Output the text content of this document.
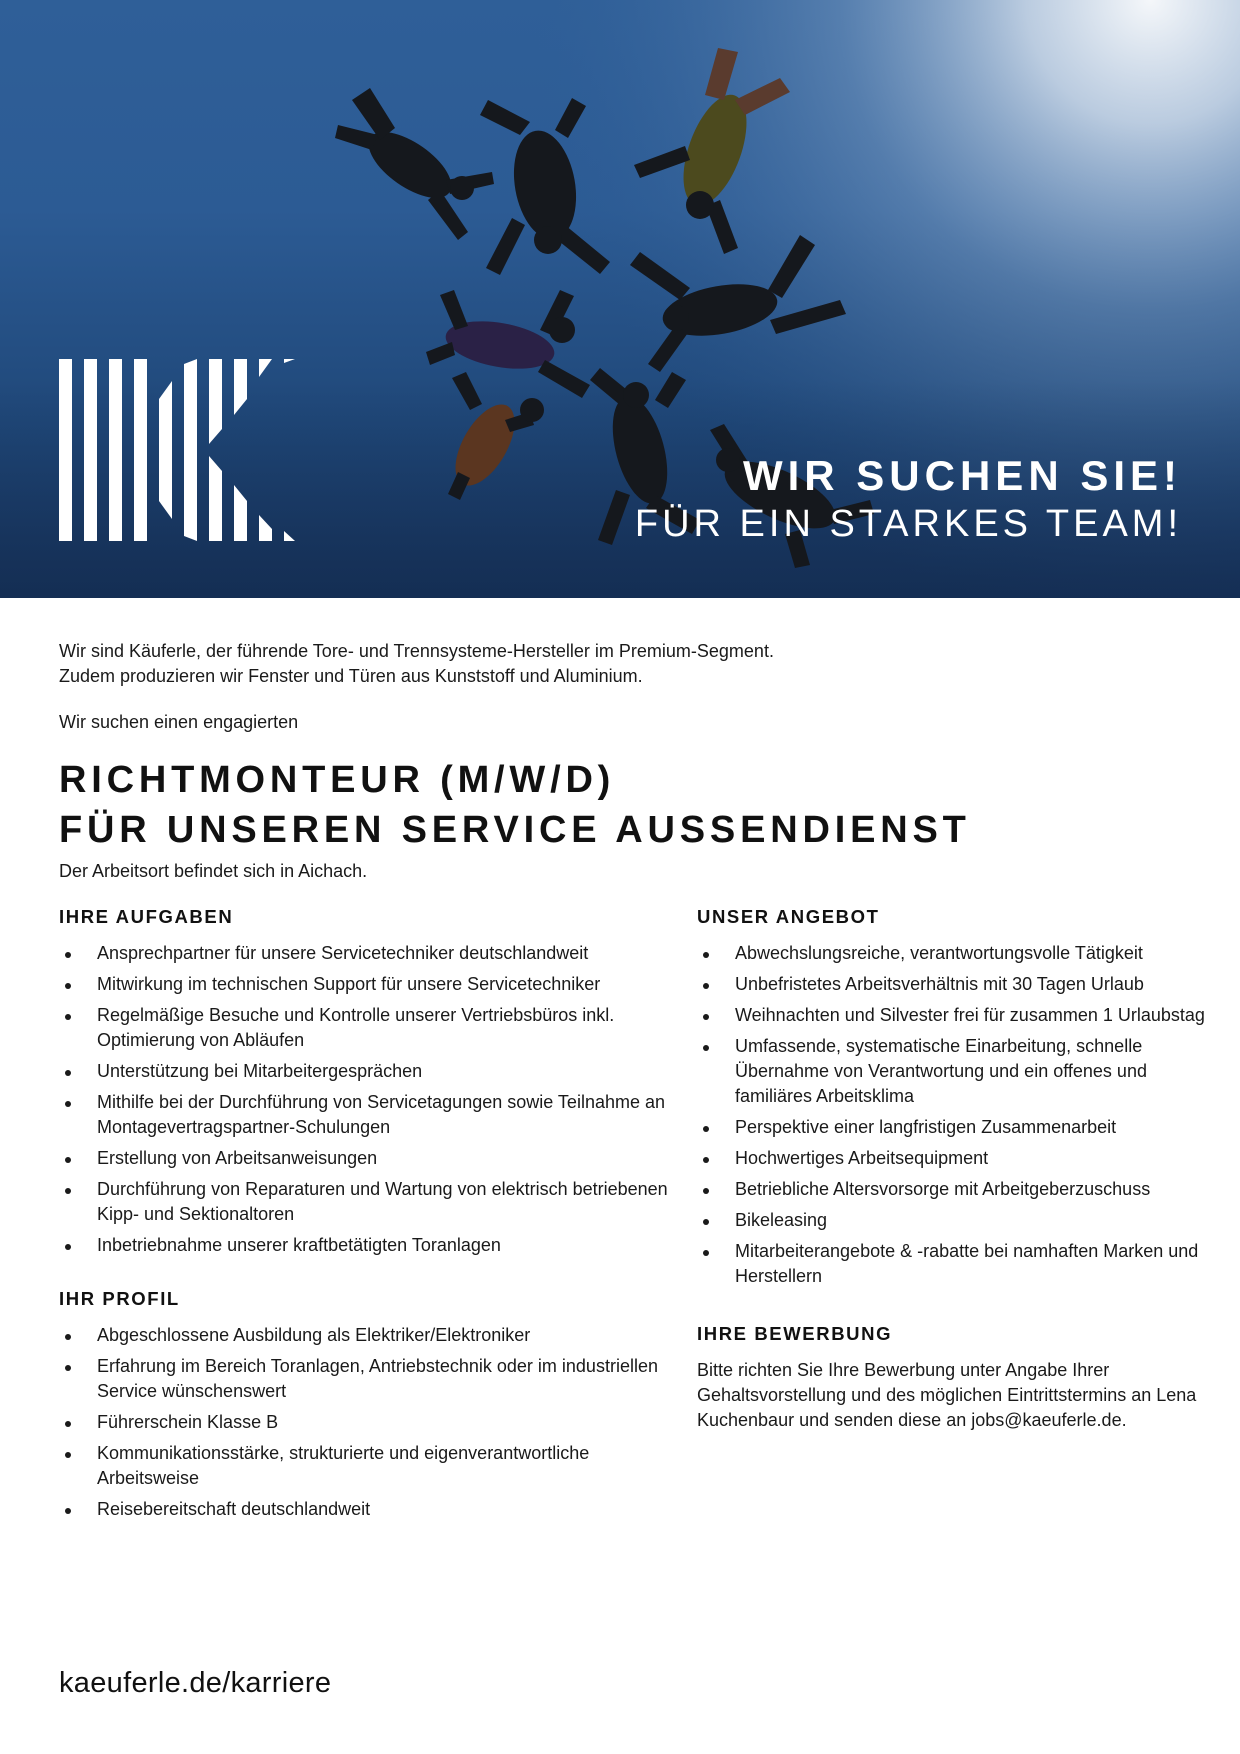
WIR SUCHEN SIE!

FÜR EIN STARKES TEAM!

Wir sind Käuferle, der führende Tore- und Trennsysteme-Hersteller im Premium-Segment.

Zudem produzieren wir Fenster und Türen aus Kunststoff und Aluminium.

Wir suchen einen engagierten

RICHTMONTEUR (M/W/D)
FÜR UNSEREN SERVICE AUSSENDIENST

Der Arbeitsort befindet sich in Aichach.

IHRE AUFGABEN
Ansprechpartner für unsere Servicetechniker deutschlandweit
Mitwirkung im technischen Support für unsere Servicetechniker
Regelmäßige Besuche und Kontrolle unserer Vertriebsbüros inkl. Optimierung von Abläufen
Unterstützung bei Mitarbeitergesprächen
Mithilfe bei der Durchführung von Servicetagungen sowie Teilnahme an Montagevertragspartner-Schulungen
Erstellung von Arbeitsanweisungen
Durchführung von Reparaturen und Wartung von elektrisch betriebenen Kipp- und Sektionaltoren
Inbetriebnahme unserer kraftbetätigten Toranlagen
IHR PROFIL
Abgeschlossene Ausbildung als Elektriker/Elektroniker
Erfahrung im Bereich Toranlagen, Antriebstechnik oder im industriellen Service wünschenswert
Führerschein Klasse B
Kommunikationsstärke, strukturierte und eigenverantwortliche Arbeitsweise
Reisebereitschaft deutschlandweit
UNSER ANGEBOT
Abwechslungsreiche, verantwortungsvolle Tätigkeit
Unbefristetes Arbeitsverhältnis mit 30 Tagen Urlaub
Weihnachten und Silvester frei für zusammen 1 Urlaubstag
Umfassende, systematische Einarbeitung, schnelle Übernahme von Verantwortung und ein offenes und familiäres Arbeitsklima
Perspektive einer langfristigen Zusammenarbeit
Hochwertiges Arbeitsequipment
Betriebliche Altersvorsorge mit Arbeitgeberzuschuss
Bikeleasing
Mitarbeiterangebote & -rabatte bei namhaften Marken und Herstellern
IHRE BEWERBUNG

Bitte richten Sie Ihre Bewerbung unter Angabe Ihrer Gehaltsvorstellung und des möglichen Eintrittstermins an Lena Kuchenbaur und senden diese an jobs@kaeuferle.de.

kaeuferle.de/karriere
